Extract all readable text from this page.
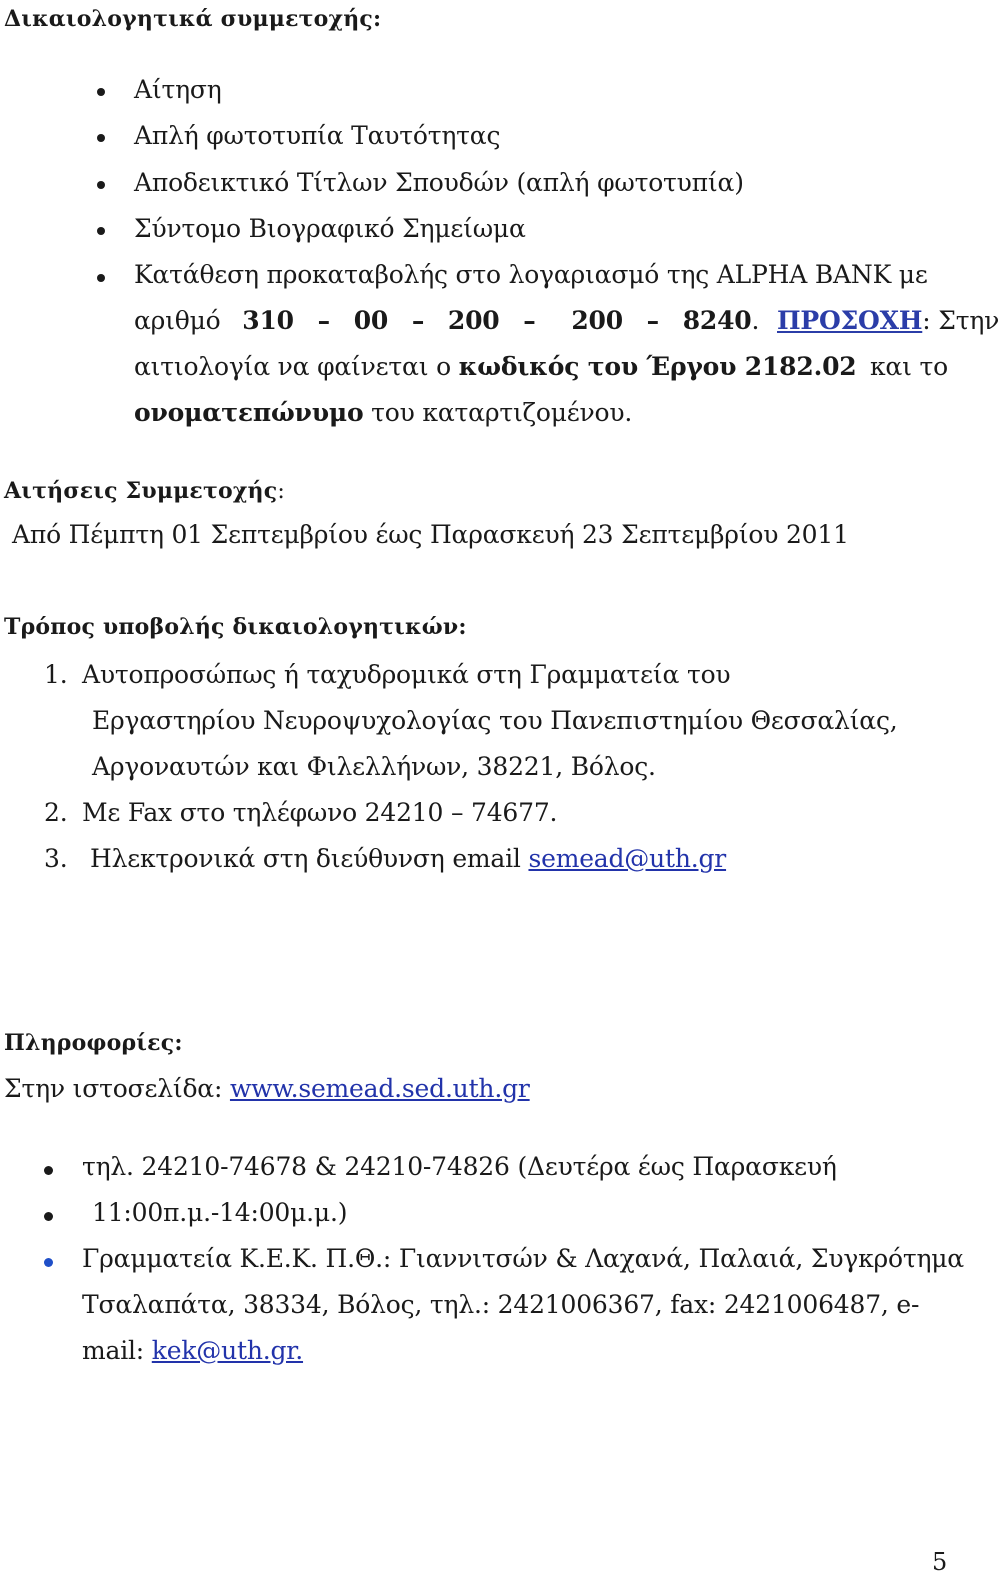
Δικαιολογητικά συμμετοχής:
Αίτηση
Απλή φωτοτυπία Ταυτότητας
Αποδεικτικό Τίτλων Σπουδών (απλή φωτοτυπία)
Σύντομο Βιογραφικό Σημείωμα
Κατάθεση προκαταβολής στο λογαριασμό της ALPHA BANK με
αριθμό 310 – 00 – 200 – 200 – 8240. ΠΡΟΣΟΧΗ: Στην
αιτιολογία να φαίνεται ο κωδικός του Έργου 2182.02 και το
ονοματεπώνυμο του καταρτιζομένου.
Αιτήσεις Συμμετοχής:
Από Πέμπτη 01 Σεπτεμβρίου έως Παρασκευή 23 Σεπτεμβρίου 2011
Τρόπος υποβολής δικαιολογητικών:
1. Αυτοπροσώπως ή ταχυδρομικά στη Γραμματεία του
Εργαστηρίου Νευροψυχολογίας του Πανεπιστημίου Θεσσαλίας,
Αργοναυτών και Φιλελλήνων, 38221, Βόλος.
2. Με Fax στο τηλέφωνο 24210 – 74677.
3. Ηλεκτρονικά στη διεύθυνση email semead@uth.gr
Πληροφορίες:
Στην ιστοσελίδα: www.semead.sed.uth.gr
τηλ. 24210-74678 & 24210-74826 (Δευτέρα έως Παρασκευή
11:00π.μ.-14:00μ.μ.)
Γραμματεία Κ.Ε.Κ. Π.Θ.: Γιαννιτσών & Λαχανά, Παλαιά, Συγκρότημα
Τσαλαπάτα, 38334, Βόλος, τηλ.: 2421006367, fax: 2421006487, e-
mail: kek@uth.gr.
5
